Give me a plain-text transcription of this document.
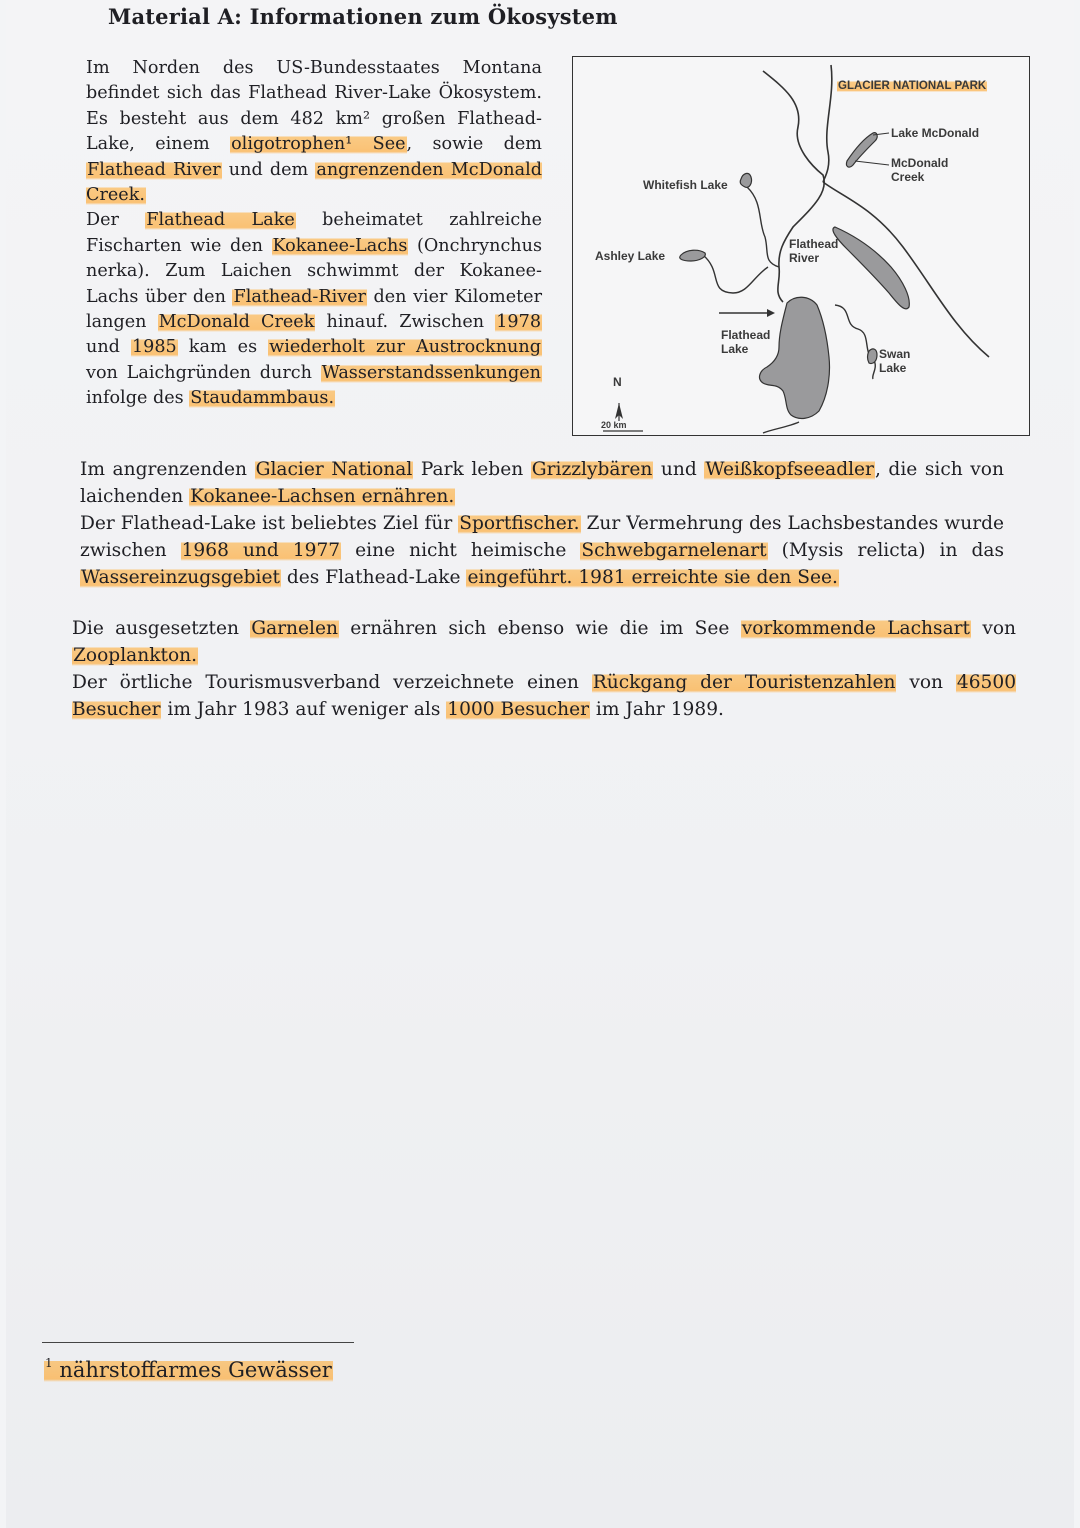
Material A: Informationen zum Ökosystem

Im Norden des US-Bundesstaates Montana befindet sich das Flathead River-Lake Ökosystem. Es besteht aus dem 482 km² großen Flathead-Lake, einem oligotrophen¹ See, sowie dem Flathead River und dem angrenzenden McDonald Creek.

Der Flathead Lake beheimatet zahlreiche Fischarten wie den Kokanee-Lachs (Onchrynchus nerka). Zum Laichen schwimmt der Kokanee-Lachs über den Flathead-River den vier Kilometer langen McDonald Creek hinauf. Zwischen 1978 und 1985 kam es wiederholt zur Austrocknung von Laichgründen durch Wasserstandssenkungen infolge des Staudammbaus.

GLACIER NATIONAL PARK
Lake McDonald
McDonald
Creek
Whitefish Lake
Ashley Lake
Flathead
River
Flathead
Lake	Swan
Lake
N
20 km

Im angrenzenden Glacier National Park leben Grizzlybären und Weißkopfseeadler, die sich von laichenden Kokanee-Lachsen ernähren.

Der Flathead-Lake ist beliebtes Ziel für Sportfischer. Zur Vermehrung des Lachsbestandes wurde zwischen 1968 und 1977 eine nicht heimische Schwebgarnelenart (Mysis relicta) in das Wassereinzugsgebiet des Flathead-Lake eingeführt. 1981 erreichte sie den See.

Die ausgesetzten Garnelen ernähren sich ebenso wie die im See vorkommende Lachsart von Zooplankton.

Der örtliche Tourismusverband verzeichnete einen Rückgang der Touristenzahlen von 46500 Besucher im Jahr 1983 auf weniger als 1000 Besucher im Jahr 1989.

$^1$ nährstoffarmes Gewässer
